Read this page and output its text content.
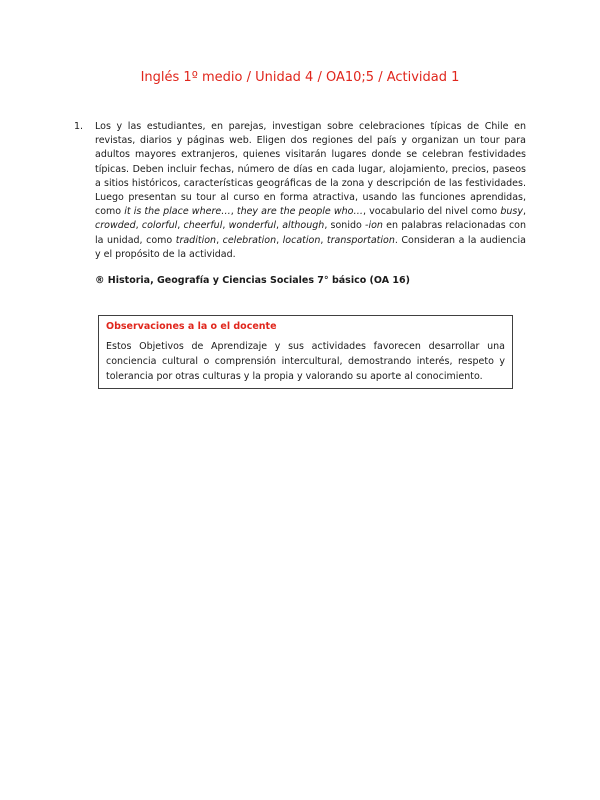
Inglés 1º medio / Unidad 4 / OA10;5 / Actividad 1
1.	Los y las estudiantes, en parejas, investigan sobre celebraciones típicas de Chile en revistas, diarios y páginas web. Eligen dos regiones del país y organizan un tour para adultos mayores extranjeros, quienes visitarán lugares donde se celebran festividades típicas. Deben incluir fechas, número de días en cada lugar, alojamiento, precios, paseos a sitios históricos, características geográficas de la zona y descripción de las festividades. Luego presentan su tour al curso en forma atractiva, usando las funciones aprendidas, como it is the place where…, they are the people who…, vocabulario del nivel como busy, crowded, colorful, cheerful, wonderful, although, sonido -ion en palabras relacionadas con la unidad, como tradition, celebration, location, transportation. Consideran a la audiencia y el propósito de la actividad.
® Historia, Geografía y Ciencias Sociales 7° básico (OA 16)
Observaciones a la o el docente
Estos Objetivos de Aprendizaje y sus actividades favorecen desarrollar una conciencia cultural o comprensión intercultural, demostrando interés, respeto y tolerancia por otras culturas y la propia y valorando su aporte al conocimiento.
